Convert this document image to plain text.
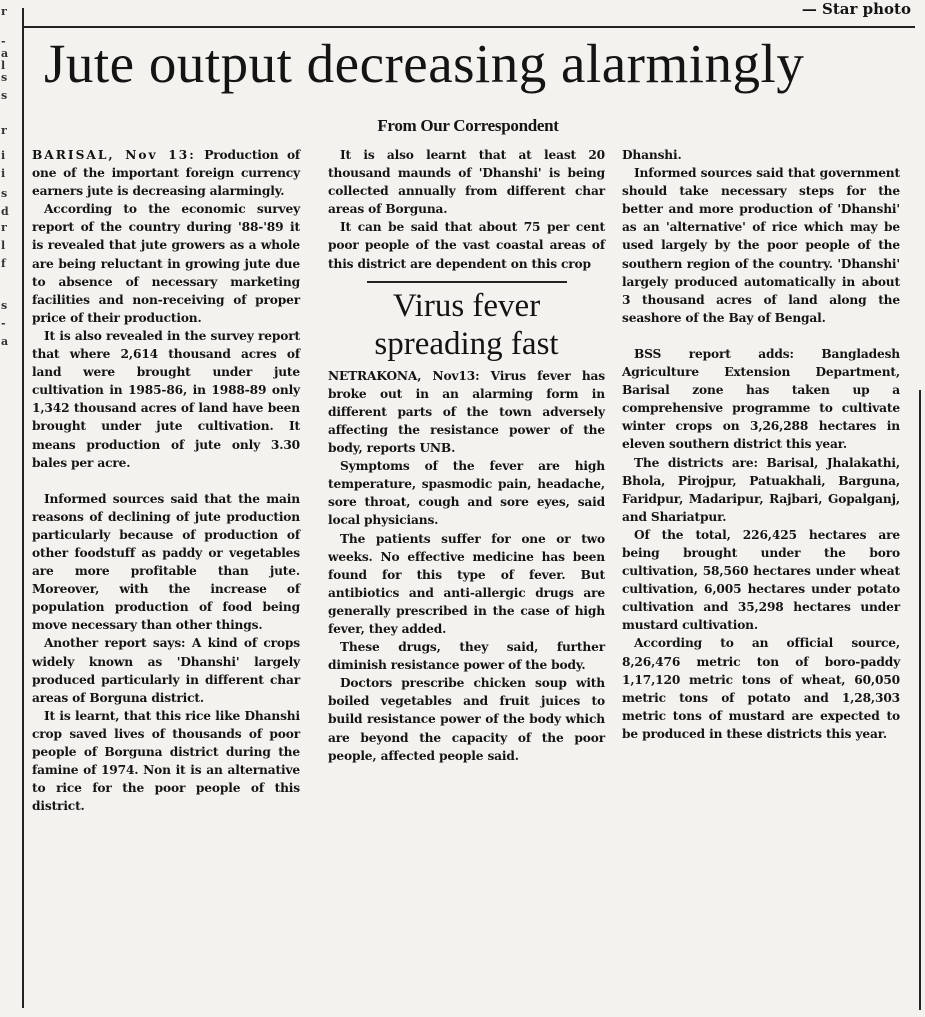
r
-
a
l
s
s
r
i
i
s
d
r
l
f
s
-
a
— Star photo
Jute output decreasing alarmingly
From Our Correspondent

BARISAL, Nov 13: Production of one of the important foreign currency earners jute is decreasing alarmingly.

According to the economic survey report of the country during '88-'89 it is revealed that jute growers as a whole are being reluctant in growing jute due to absence of necessary marketing facilities and non-receiving of proper price of their production.

It is also revealed in the survey report that where 2,614 thousand acres of land were brought under jute cultivation in 1985-86, in 1988-89 only 1,342 thousand acres of land have been brought under jute cultivation. It means production of jute only 3.30 bales per acre.

Informed sources said that the main reasons of declining of jute production particularly because of production of other foodstuff as paddy or vegetables are more profitable than jute. Moreover, with the increase of population production of food being move necessary than other things.

Another report says: A kind of crops widely known as 'Dhanshi' largely produced particularly in different char areas of Borguna district.

It is learnt, that this rice like Dhanshi crop saved lives of thousands of poor people of Borguna district during the famine of 1974. Non it is an alternative to rice for the poor people of this district.

It is also learnt that at least 20 thousand maunds of 'Dhanshi' is being collected annually from different char areas of Borguna.

It can be said that about 75 per cent poor people of the vast coastal areas of this district are dependent on this crop

Virus fever spreading fast

NETRAKONA, Nov13: Virus fever has broke out in an alarming form in different parts of the town adversely affecting the resistance power of the body, reports UNB.

Symptoms of the fever are high temperature, spasmodic pain, headache, sore throat, cough and sore eyes, said local physicians.

The patients suffer for one or two weeks. No effective medicine has been found for this type of fever. But antibiotics and anti-allergic drugs are generally prescribed in the case of high fever, they added.

These drugs, they said, further diminish resistance power of the body.

Doctors prescribe chicken soup with boiled vegetables and fruit juices to build resistance power of the body which are beyond the capacity of the poor people, affected people said.

Dhanshi.

Informed sources said that government should take necessary steps for the better and more production of 'Dhanshi' as an 'alternative' of rice which may be used largely by the poor people of the southern region of the country. 'Dhanshi' largely produced automatically in about 3 thousand acres of land along the seashore of the Bay of Bengal.

BSS report adds: Bangladesh Agriculture Extension Department, Barisal zone has taken up a comprehensive programme to cultivate winter crops on 3,26,288 hectares in eleven southern district this year.

The districts are: Barisal, Jhalakathi, Bhola, Pirojpur, Patuakhali, Barguna, Faridpur, Madaripur, Rajbari, Gopalganj, and Shariatpur.

Of the total, 226,425 hectares are being brought under the boro cultivation, 58,560 hectares under wheat cultivation, 6,005 hectares under potato cultivation and 35,298 hectares under mustard cultivation.

According to an official source, 8,26,476 metric ton of boro-paddy 1,17,120 metric tons of wheat, 60,050 metric tons of potato and 1,28,303 metric tons of mustard are expected to be produced in these districts this year.
